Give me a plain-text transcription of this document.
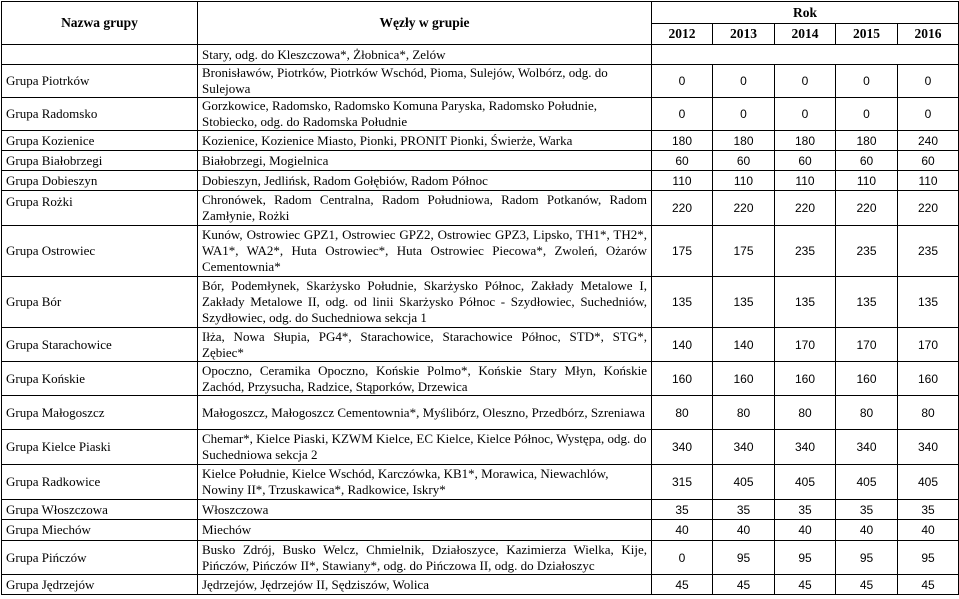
Nazwa grupy	Węzły w grupie	Rok				
		2012	2013	2014	2015	2016
	Stary, odg. do Kleszczowa*, Żłobnica*, Zelów					
Grupa Piotrków	Bronisławów, Piotrków, Piotrków Wschód, Pioma, Sulejów, Wolbórz, odg. do Sulejowa	0	0	0	0	0
Grupa Radomsko	Gorzkowice, Radomsko, Radomsko Komuna Paryska, Radomsko Południe, Stobiecko, odg. do Radomska Południe	0	0	0	0	0
Grupa Kozienice	Kozienice, Kozienice Miasto, Pionki, PRONIT Pionki, Świerże, Warka	180	180	180	180	240
Grupa Białobrzegi	Białobrzegi, Mogielnica	60	60	60	60	60
Grupa Dobieszyn	Dobieszyn, Jedlińsk, Radom Gołębiów, Radom Północ	110	110	110	110	110
Grupa Rożki	Chronówek, Radom Centralna, Radom Południowa, Radom Potkanów, Radom Zamłynie, Rożki	220	220	220	220	220
Grupa Ostrowiec	Kunów, Ostrowiec GPZ1, Ostrowiec GPZ2, Ostrowiec GPZ3, Lipsko, TH1*, TH2*, WA1*, WA2*, Huta Ostrowiec*, Huta Ostrowiec Piecowa*, Zwoleń, Ożarów Cementownia*	175	175	235	235	235
Grupa Bór	Bór, Podemłynek, Skarżysko Południe, Skarżysko Północ, Zakłady Metalowe I, Zakłady Metalowe II, odg. od linii Skarżysko Północ - Szydłowiec, Suchedniów, Szydłowiec, odg. do Suchedniowa sekcja 1	135	135	135	135	135
Grupa Starachowice	Iłża, Nowa Słupia, PG4*, Starachowice, Starachowice Północ, STD*, STG*, Zębiec*	140	140	170	170	170
Grupa Końskie	Opoczno, Ceramika Opoczno, Końskie Polmo*, Końskie Stary Młyn, Końskie Zachód, Przysucha, Radzice, Stąporków, Drzewica	160	160	160	160	160
Grupa Małogoszcz	Małogoszcz, Małogoszcz Cementownia*, Myślibórz, Oleszno, Przedbórz, Szreniawa	80	80	80	80	80
Grupa Kielce Piaski	Chemar*, Kielce Piaski, KZWM Kielce, EC Kielce, Kielce Północ, Występa, odg. do Suchedniowa sekcja 2	340	340	340	340	340
Grupa Radkowice	Kielce Południe, Kielce Wschód, Karczówka, KB1*, Morawica, Niewachlów, Nowiny II*, Trzuskawica*, Radkowice, Iskry*	315	405	405	405	405
Grupa Włoszczowa	Włoszczowa	35	35	35	35	35
Grupa Miechów	Miechów	40	40	40	40	40
Grupa Pińczów	Busko Zdrój, Busko Welcz, Chmielnik, Działoszyce, Kazimierza Wielka, Kije, Pińczów, Pińczów II*, Stawiany*, odg. do Pińczowa II, odg. do Działoszyc	0	95	95	95	95
Grupa Jędrzejów	Jędrzejów, Jędrzejów II, Sędziszów, Wolica	45	45	45	45	45
